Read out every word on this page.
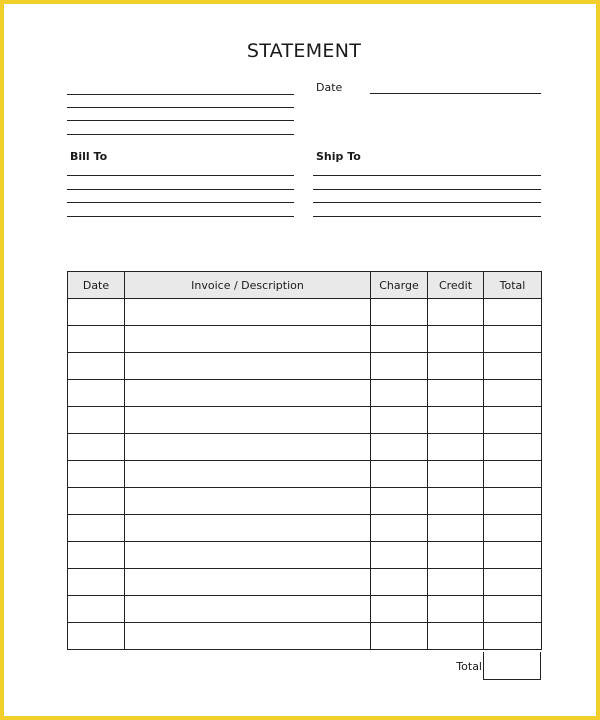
STATEMENT
Date
Bill To	Ship To
Date	Invoice / Description	Charge	Credit	Total

Total
